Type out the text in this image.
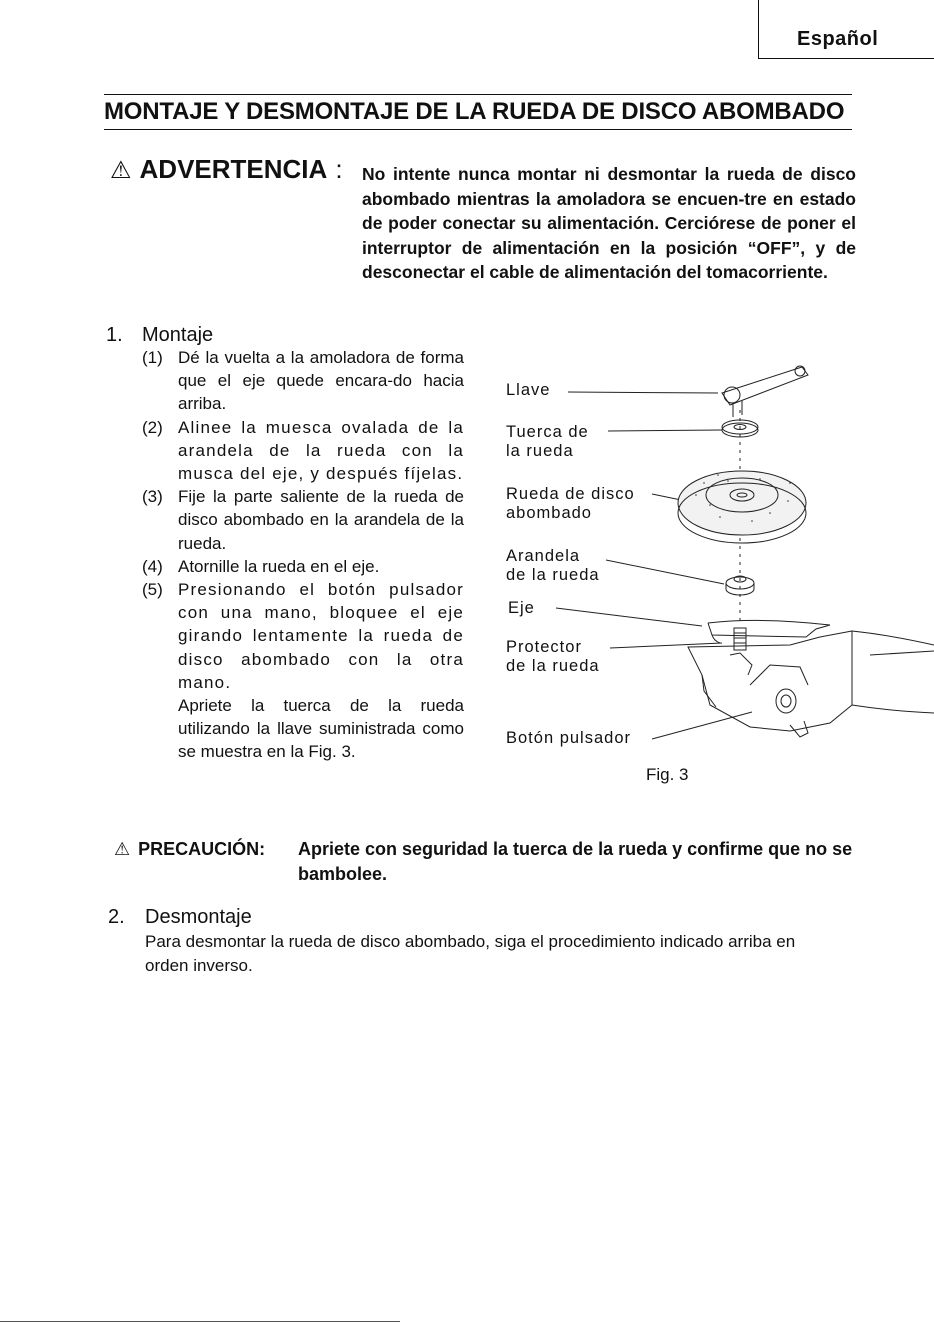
Español
MONTAJE Y DESMONTAJE DE LA RUEDA DE DISCO ABOMBADO
⚠ ADVERTENCIA : No intente nunca montar ni desmontar la rueda de disco abombado mientras la amoladora se encuen-tre en estado de poder conectar su alimentación. Cerciórese de poner el interruptor de alimentación en la posición “OFF”, y de desconectar el cable de alimentación del tomacorriente.
1. Montaje
(1) Dé la vuelta a la amoladora de forma que el eje quede encara-do hacia arriba.
(2) Alinee la muesca ovalada de la arandela de la rueda con la musca del eje, y después fíjelas.
(3) Fije la parte saliente de la rueda de disco abombado en la arandela de la rueda.
(4) Atornille la rueda en el eje.
(5) Presionando el botón pulsador con una mano, bloquee el eje girando lentamente la rueda de disco abombado con la otra mano.
Apriete la tuerca de la rueda utilizando la llave suministrada como se muestra en la Fig. 3.
Llave
Tuerca de
la rueda
Rueda de disco
abombado
Arandela
de la rueda
Eje
Protector
de la rueda
Botón pulsador
Fig. 3
⚠ PRECAUCIÓN: Apriete con seguridad la tuerca de la rueda y confirme que no se bambolee.
2. Desmontaje
Para desmontar la rueda de disco abombado, siga el procedimiento indicado arriba en orden inverso.
